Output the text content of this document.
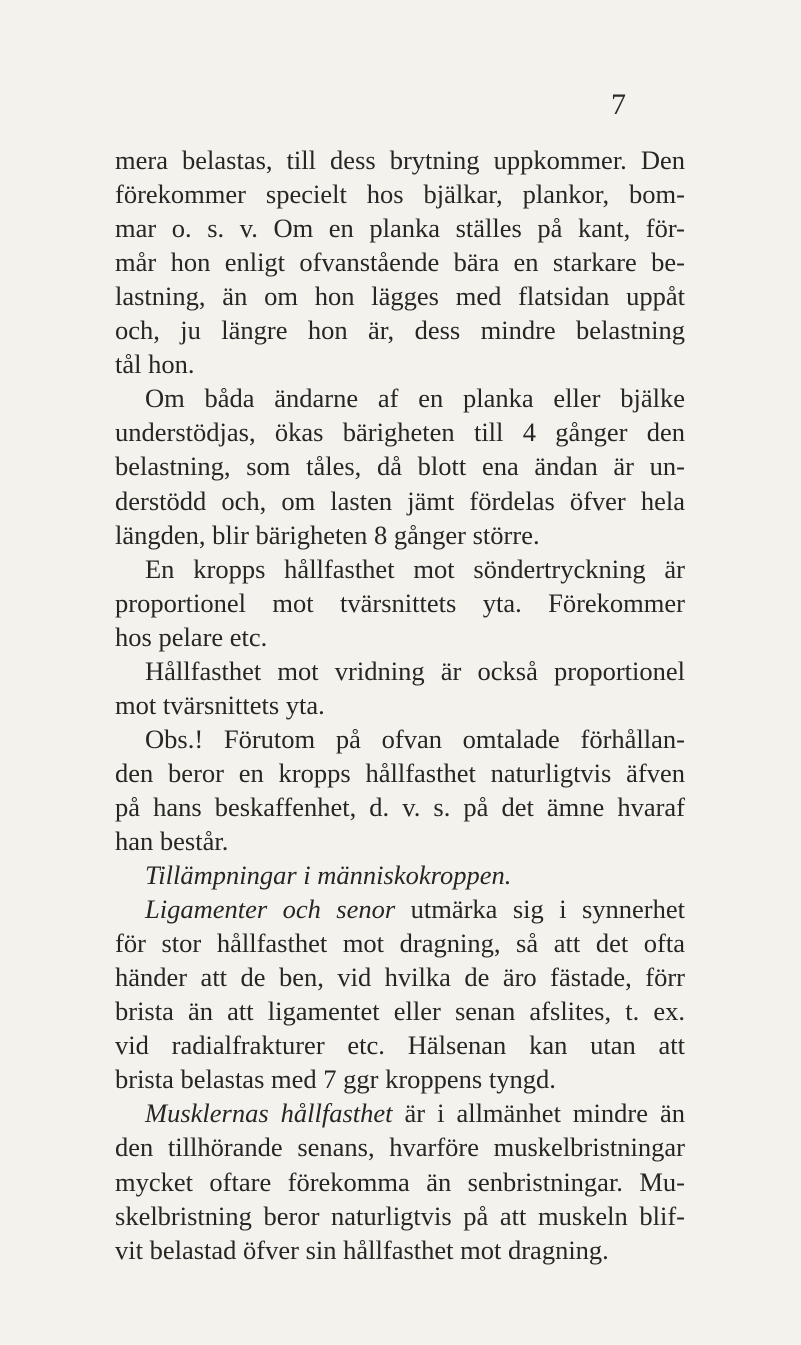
7
mera belastas, till dess brytning uppkommer. Den
förekommer specielt hos bjälkar, plankor, bom-
mar o. s. v. Om en planka ställes på kant, för-
mår hon enligt ofvanstående bära en starkare be-
lastning, än om hon lägges med flatsidan uppåt
och, ju längre hon är, dess mindre belastning
tål hon.
Om båda ändarne af en planka eller bjälke
understödjas, ökas bärigheten till 4 gånger den
belastning, som tåles, då blott ena ändan är un-
derstödd och, om lasten jämt fördelas öfver hela
längden, blir bärigheten 8 gånger större.
En kropps hållfasthet mot söndertryckning är
proportionel mot tvärsnittets yta. Förekommer
hos pelare etc.
Hållfasthet mot vridning är också proportionel
mot tvärsnittets yta.
Obs.! Förutom på ofvan omtalade förhållan-
den beror en kropps hållfasthet naturligtvis äfven
på hans beskaffenhet, d. v. s. på det ämne hvaraf
han består.
Tillämpningar i människokroppen.
Ligamenter och senor utmärka sig i synnerhet
för stor hållfasthet mot dragning, så att det ofta
händer att de ben, vid hvilka de äro fästade, förr
brista än att ligamentet eller senan afslites, t. ex.
vid radialfrakturer etc. Hälsenan kan utan att
brista belastas med 7 ggr kroppens tyngd.
Musklernas hållfasthet är i allmänhet mindre än
den tillhörande senans, hvarföre muskelbristningar
mycket oftare förekomma än senbristningar. Mu-
skelbristning beror naturligtvis på att muskeln blif-
vit belastad öfver sin hållfasthet mot dragning.
